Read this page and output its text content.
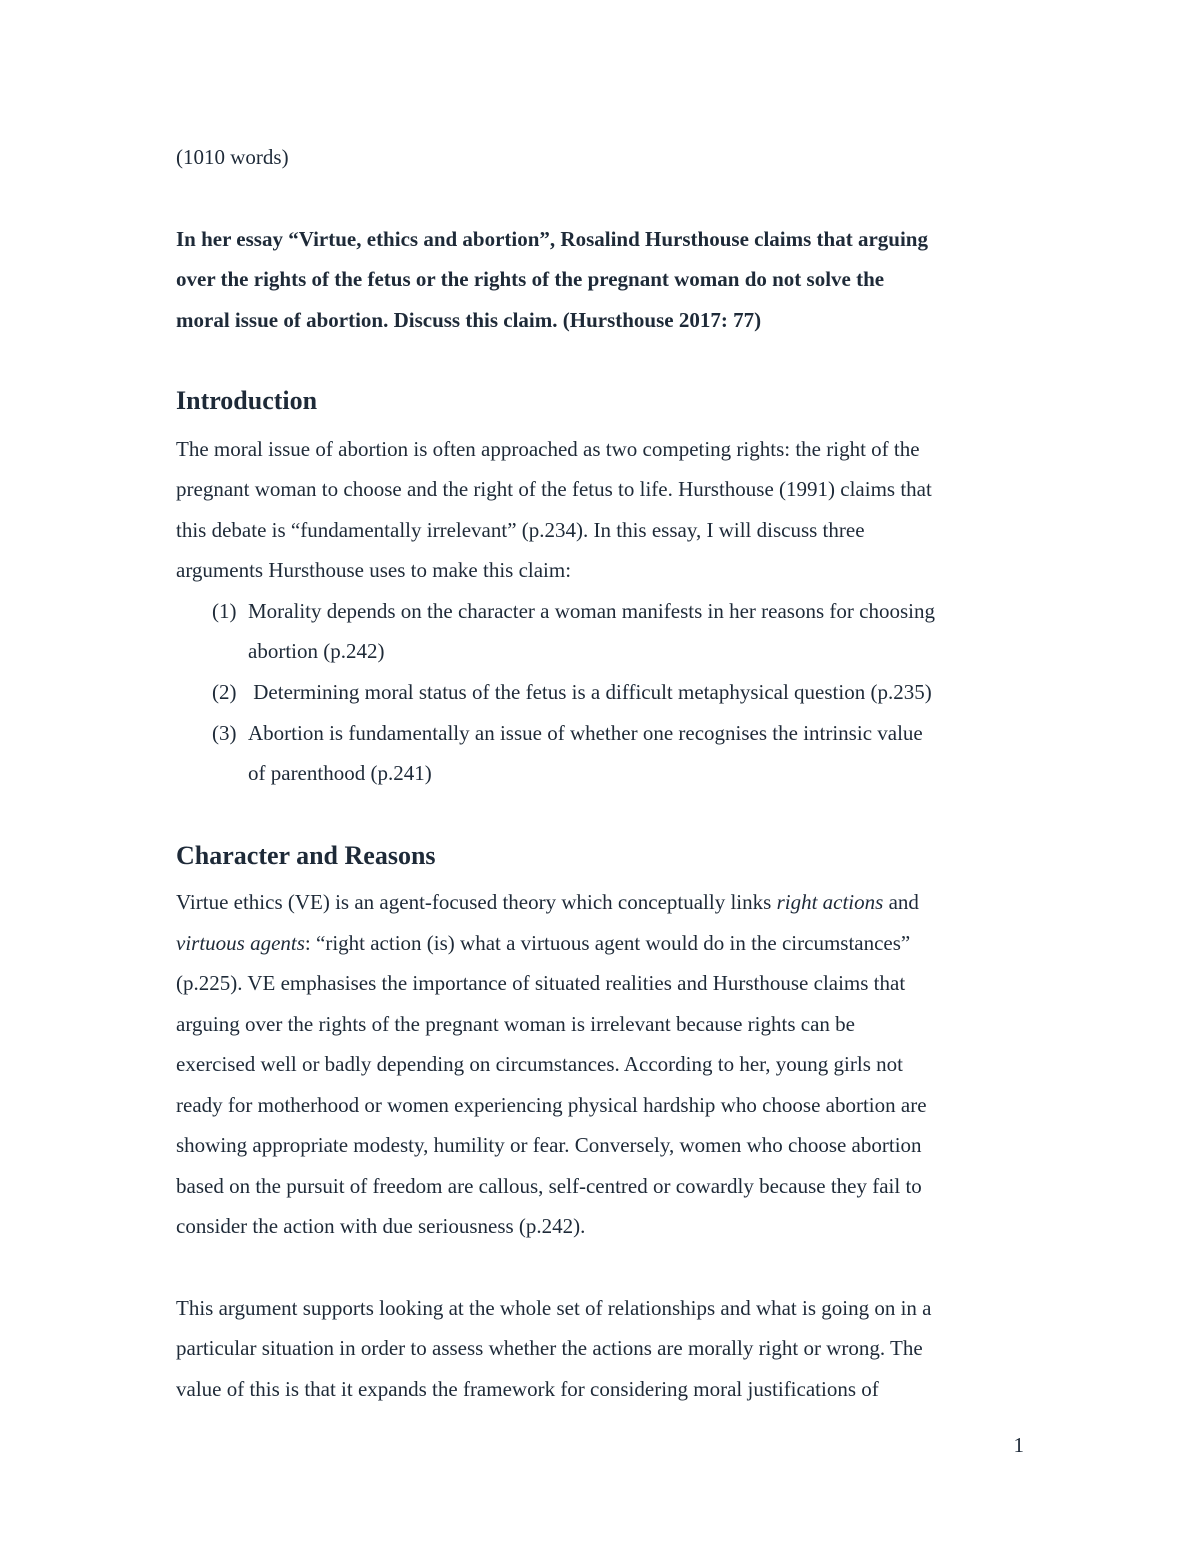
(1010 words)
In her essay “Virtue, ethics and abortion”, Rosalind Hursthouse claims that arguing
over the rights of the fetus or the rights of the pregnant woman do not solve the
moral issue of abortion. Discuss this claim. (Hursthouse 2017: 77)
Introduction
The moral issue of abortion is often approached as two competing rights: the right of the
pregnant woman to choose and the right of the fetus to life. Hursthouse (1991) claims that
this debate is “fundamentally irrelevant” (p.234). In this essay, I will discuss three
arguments Hursthouse uses to make this claim:
(1) Morality depends on the character a woman manifests in her reasons for choosing
abortion (p.242)
(2) Determining moral status of the fetus is a difficult metaphysical question (p.235)
(3) Abortion is fundamentally an issue of whether one recognises the intrinsic value
of parenthood (p.241)
Character and Reasons
Virtue ethics (VE) is an agent-focused theory which conceptually links right actions and
virtuous agents: “right action (is) what a virtuous agent would do in the circumstances”
(p.225). VE emphasises the importance of situated realities and Hursthouse claims that
arguing over the rights of the pregnant woman is irrelevant because rights can be
exercised well or badly depending on circumstances. According to her, young girls not
ready for motherhood or women experiencing physical hardship who choose abortion are
showing appropriate modesty, humility or fear. Conversely, women who choose abortion
based on the pursuit of freedom are callous, self-centred or cowardly because they fail to
consider the action with due seriousness (p.242).
This argument supports looking at the whole set of relationships and what is going on in a
particular situation in order to assess whether the actions are morally right or wrong. The
value of this is that it expands the framework for considering moral justifications of
1
